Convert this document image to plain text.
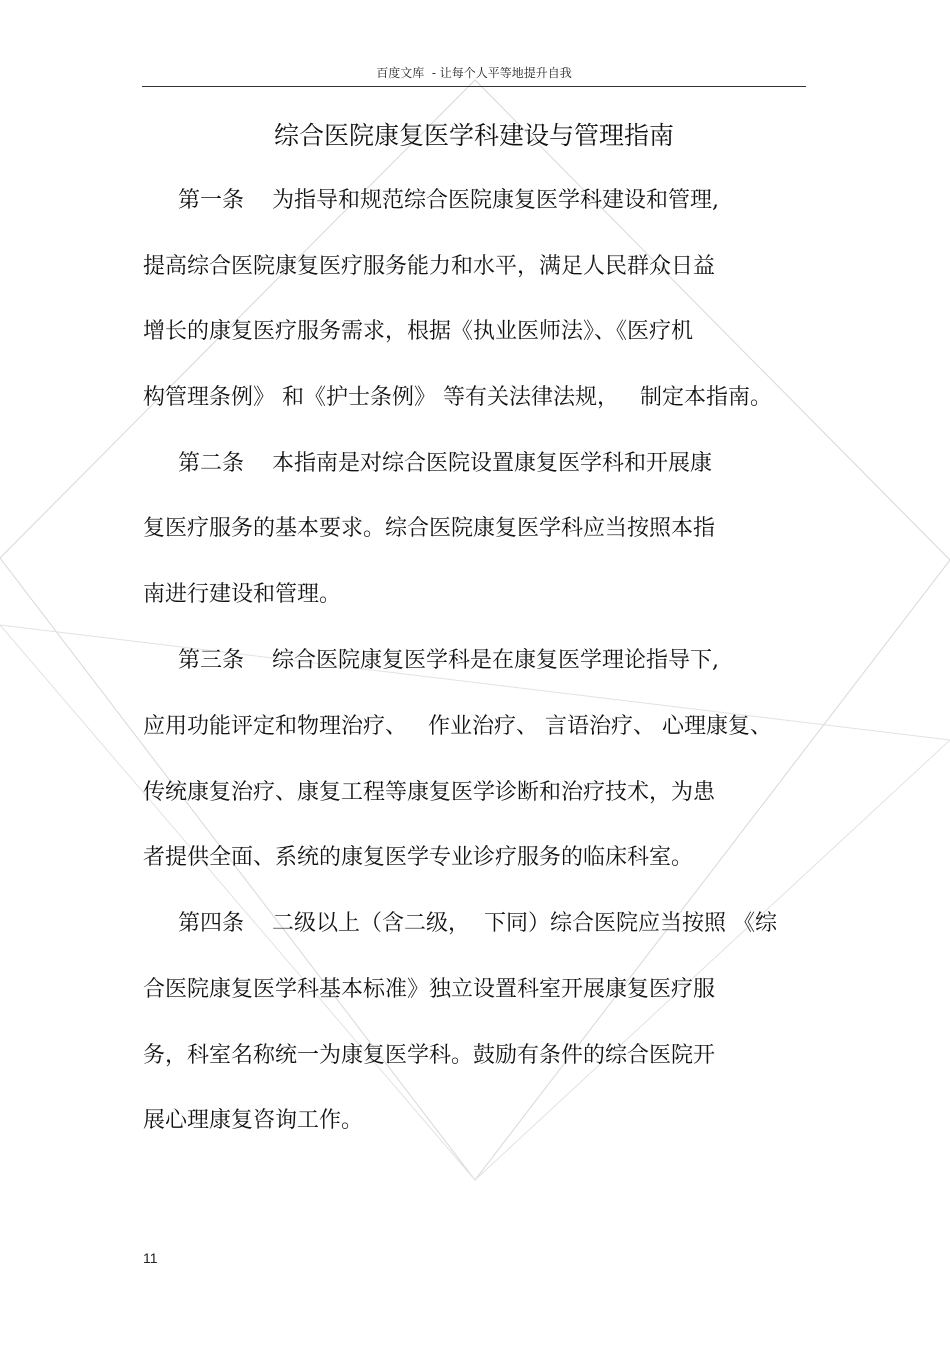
百度文库  - 让每个人平等地提升自我
综合医院康复医学科建设与管理指南
第一条    为指导和规范综合医院康复医学科建设和管理,
提高综合医院康复医疗服务能力和水平，满足人民群众日益
增长的康复医疗服务需求，根据《执业医师法》、《医疗机
构管理条例》 和《护士条例》 等有关法律法规，   制定本指南。
第二条    本指南是对综合医院设置康复医学科和开展康
复医疗服务的基本要求。综合医院康复医学科应当按照本指
南进行建设和管理。
第三条    综合医院康复医学科是在康复医学理论指导下,
应用功能评定和物理治疗、   作业治疗、 言语治疗、 心理康复、
传统康复治疗、康复工程等康复医学诊断和治疗技术，为患
者提供全面、系统的康复医学专业诊疗服务的临床科室。
第四条    二级以上（含二级，  下同）综合医院应当按照 《综
合医院康复医学科基本标准》独立设置科室开展康复医疗服
务，科室名称统一为康复医学科。鼓励有条件的综合医院开
展心理康复咨询工作。
11
